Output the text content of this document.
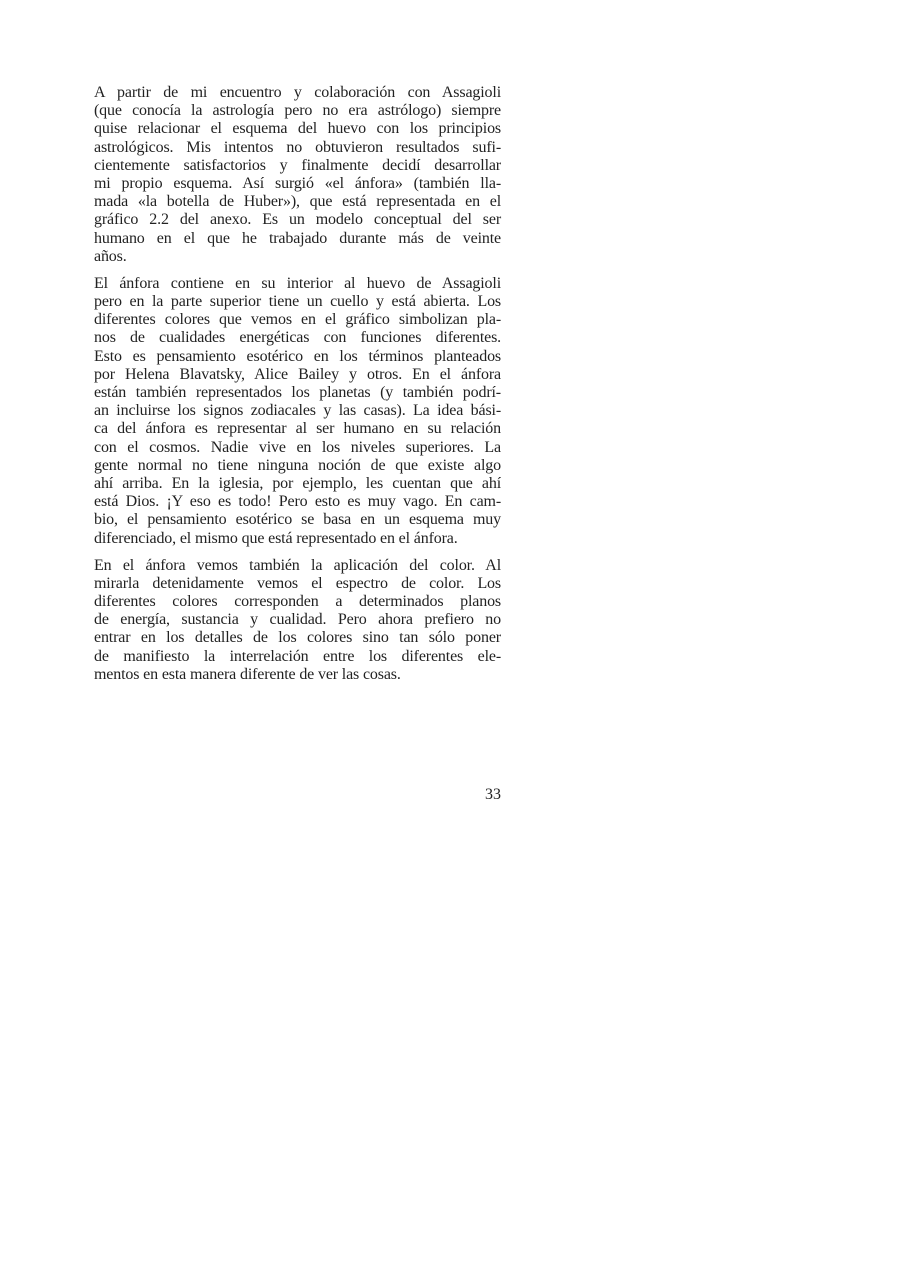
A partir de mi encuentro y colaboración con Assagioli
(que conocía la astrología pero no era astrólogo) siempre
quise relacionar el esquema del huevo con los principios
astrológicos. Mis intentos no obtuvieron resultados sufi-
cientemente satisfactorios y finalmente decidí desarrollar
mi propio esquema. Así surgió «el ánfora» (también lla-
mada «la botella de Huber»), que está representada en el
gráfico 2.2 del anexo. Es un modelo conceptual del ser
humano en el que he trabajado durante más de veinte
años.
El ánfora contiene en su interior al huevo de Assagioli
pero en la parte superior tiene un cuello y está abierta. Los
diferentes colores que vemos en el gráfico simbolizan pla-
nos de cualidades energéticas con funciones diferentes.
Esto es pensamiento esotérico en los términos planteados
por Helena Blavatsky, Alice Bailey y otros. En el ánfora
están también representados los planetas (y también podrí-
an incluirse los signos zodiacales y las casas). La idea bási-
ca del ánfora es representar al ser humano en su relación
con el cosmos. Nadie vive en los niveles superiores. La
gente normal no tiene ninguna noción de que existe algo
ahí arriba. En la iglesia, por ejemplo, les cuentan que ahí
está Dios. ¡Y eso es todo! Pero esto es muy vago. En cam-
bio, el pensamiento esotérico se basa en un esquema muy
diferenciado, el mismo que está representado en el ánfora.
En el ánfora vemos también la aplicación del color. Al
mirarla detenidamente vemos el espectro de color. Los
diferentes colores corresponden a determinados planos
de energía, sustancia y cualidad. Pero ahora prefiero no
entrar en los detalles de los colores sino tan sólo poner
de manifiesto la interrelación entre los diferentes ele-
mentos en esta manera diferente de ver las cosas.
33
